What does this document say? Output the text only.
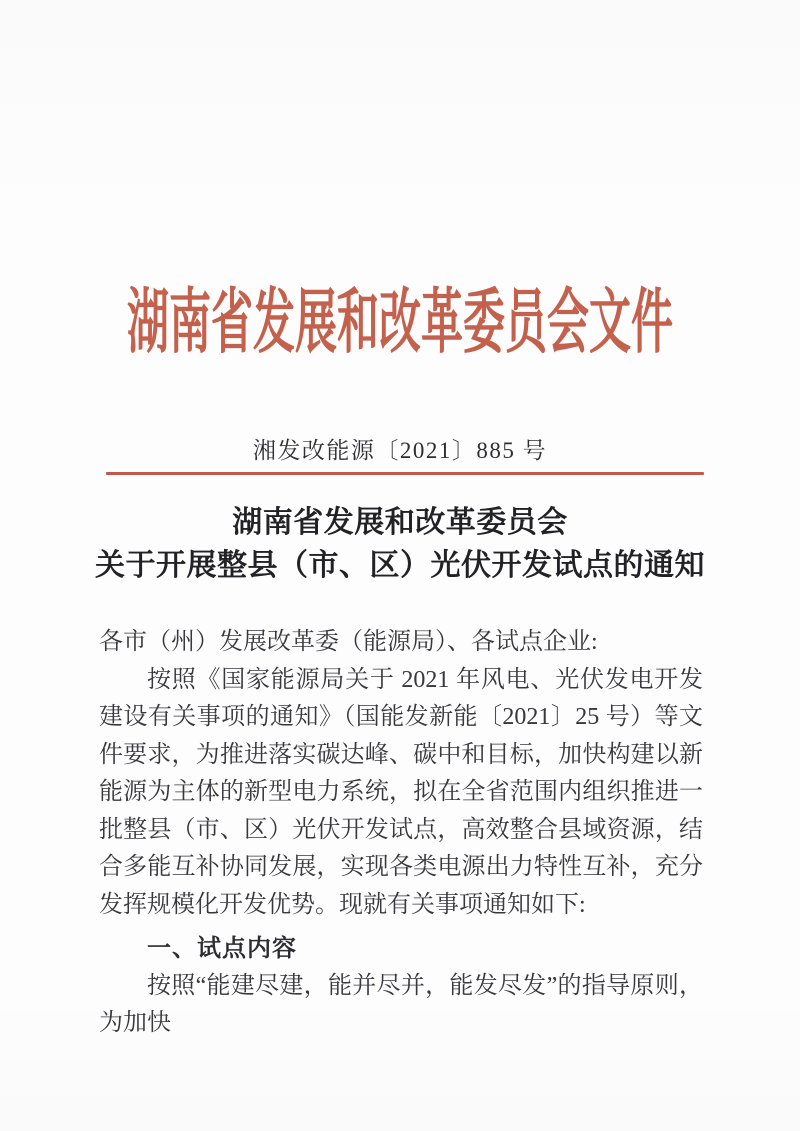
湖南省发展和改革委员会文件
湘发改能源〔2021〕885 号
湖南省发展和改革委员会
关于开展整县（市、区）光伏开发试点的通知

各市（州）发展改革委（能源局）、各试点企业:

按照《国家能源局关于 2021 年风电、光伏发电开发建设有关事项的通知》（国能发新能〔2021〕25 号）等文件要求，为推进落实碳达峰、碳中和目标，加快构建以新能源为主体的新型电力系统，拟在全省范围内组织推进一批整县（市、区）光伏开发试点，高效整合县域资源，结合多能互补协同发展，实现各类电源出力特性互补，充分发挥规模化开发优势。现就有关事项通知如下:

一、试点内容

按照“能建尽建，能并尽并，能发尽发”的指导原则，为加快
